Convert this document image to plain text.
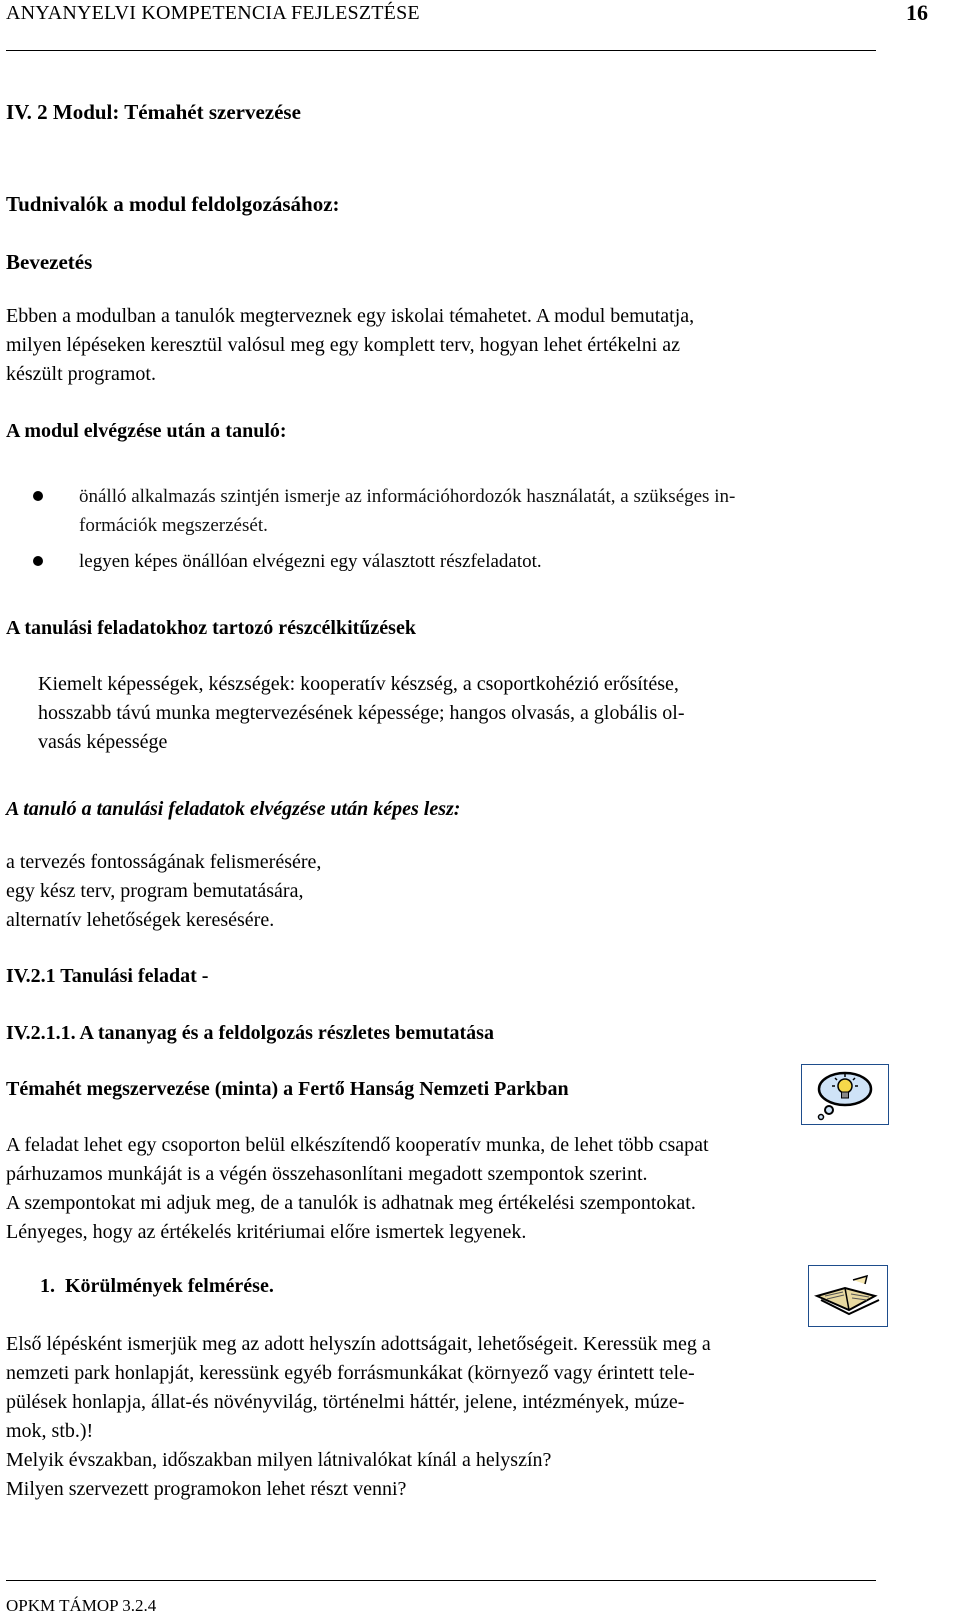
ANYANYELVI KOMPETENCIA FEJLESZTÉSE	16
IV. 2 Modul: Témahét szervezése
Tudnivalók a modul feldolgozásához:
Bevezetés
Ebben a modulban a tanulók megterveznek egy iskolai témahetet. A modul bemutatja,
milyen lépéseken keresztül valósul meg egy komplett terv, hogyan lehet értékelni az
készült programot.
A modul elvégzése után a tanuló:
önálló alkalmazás szintjén ismerje az információhordozók használatát, a szükséges in-
formációk megszerzését.
legyen képes önállóan elvégezni egy választott részfeladatot.
A tanulási feladatokhoz tartozó részcélkitűzések
Kiemelt képességek, készségek: kooperatív készség, a csoportkohézió erősítése,
hosszabb távú munka megtervezésének képessége; hangos olvasás, a globális ol-
vasás képessége
A tanuló a tanulási feladatok elvégzése után képes lesz:
a tervezés fontosságának felismerésére,
egy kész terv, program bemutatására,
alternatív lehetőségek keresésére.
IV.2.1 Tanulási feladat -
IV.2.1.1. A tananyag és a feldolgozás részletes bemutatása
Témahét megszervezése (minta) a Fertő Hanság Nemzeti Parkban
A feladat lehet egy csoporton belül elkészítendő kooperatív munka, de lehet több csapat
párhuzamos munkáját is a végén összehasonlítani megadott szempontok szerint.
A szempontokat mi adjuk meg, de a tanulók is adhatnak meg értékelési szempontokat.
Lényeges, hogy az értékelés kritériumai előre ismertek legyenek.
1.  Körülmények felmérése.
Első lépésként ismerjük meg az adott helyszín adottságait, lehetőségeit. Keressük meg a
nemzeti park honlapját, keressünk egyéb forrásmunkákat (környező vagy érintett tele-
pülések honlapja, állat-és növényvilág, történelmi háttér, jelene, intézmények, múze-
mok, stb.)!
Melyik évszakban, időszakban milyen látnivalókat kínál a helyszín?
Milyen szervezett programokon lehet részt venni?
OPKM TÁMOP 3.2.4
